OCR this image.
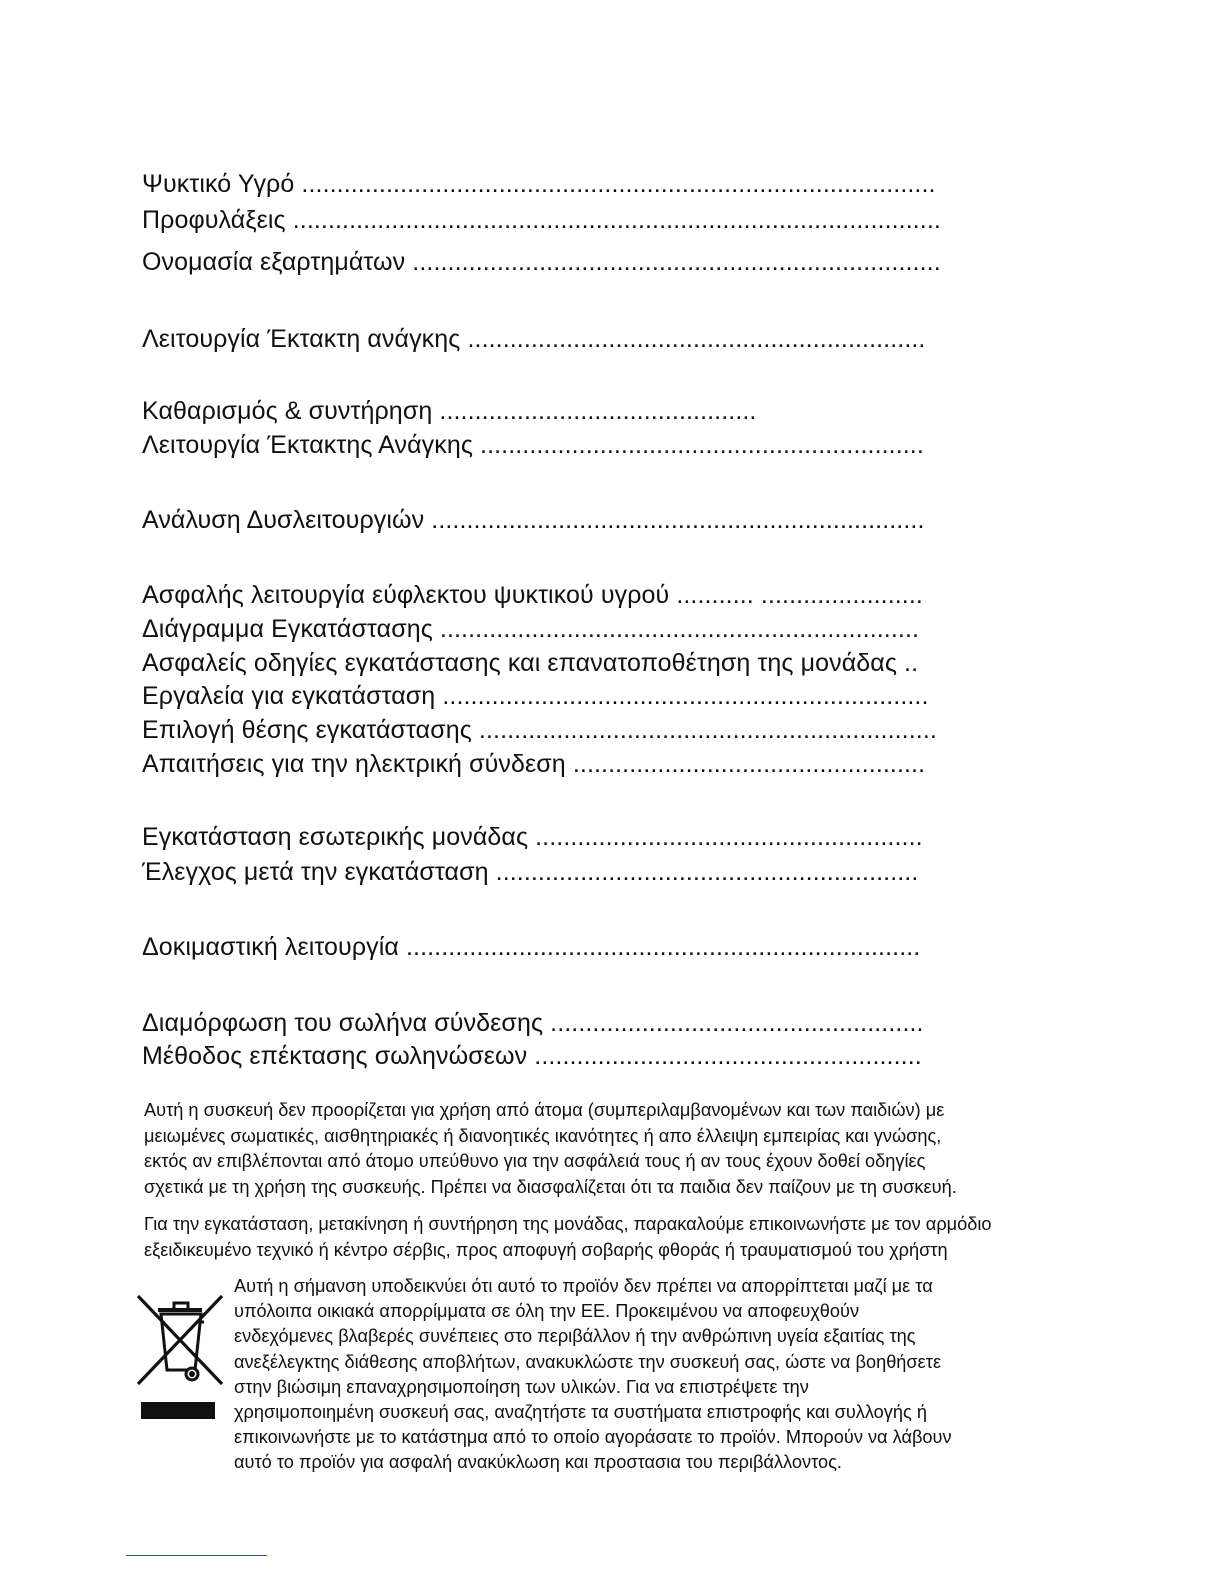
Ψυκτικό Υγρό ..........................................................................................
Προφυλάξεις ............................................................................................
Ονομασία εξαρτημάτων ...........................................................................
Λειτουργία Έκτακτη ανάγκης .................................................................
Καθαρισμός & συντήρηση .............................................
Λειτουργία Έκτακτης Ανάγκης ...............................................................
Ανάλυση Δυσλειτουργιών ......................................................................
Ασφαλής λειτουργία εύφλεκτου ψυκτικού υγρού ........... .......................
Διάγραμμα Εγκατάστασης ....................................................................
Ασφαλείς οδηγίες εγκατάστασης και επανατοποθέτηση της μονάδας ..
Εργαλεία για εγκατάσταση .....................................................................
Επιλογή θέσης εγκατάστασης .................................................................
Απαιτήσεις για την ηλεκτρική σύνδεση ..................................................
Εγκατάσταση εσωτερικής μονάδας .......................................................
Έλεγχος μετά την εγκατάσταση ............................................................
Δοκιμαστική λειτουργία .........................................................................
Διαμόρφωση του σωλήνα σύνδεσης .....................................................
Μέθοδος επέκτασης σωληνώσεων .......................................................
Αυτή η συσκευή δεν προορίζεται για χρήση από άτομα (συμπεριλαμβανομένων και των παιδιών) με
μειωμένες σωματικές, αισθητηριακές ή διανοητικές ικανότητες ή απο έλλειψη εμπειρίας και γνώσης,
εκτός αν επιβλέπονται από άτομο υπεύθυνο για την ασφάλειά τους ή αν τους έχουν δοθεί οδηγίες
σχετικά με τη χρήση της συσκευής. Πρέπει να διασφαλίζεται ότι τα παιδια δεν παίζουν με τη συσκευή.
Για την εγκατάσταση, μετακίνηση ή συντήρηση της μονάδας, παρακαλούμε επικοινωνήστε με τον αρμόδιο
εξειδικευμένο τεχνικό ή κέντρο σέρβις, προς αποφυγή σοβαρής φθοράς ή τραυματισμού του χρήστη
Αυτή η σήμανση υποδεικνύει ότι αυτό το προϊόν δεν πρέπει να απορρίπτεται μαζί με τα
υπόλοιπα οικιακά απορρίμματα σε όλη την ΕΕ. Προκειμένου να αποφευχθούν
ενδεχόμενες βλαβερές συνέπειες στο περιβάλλον ή την ανθρώπινη υγεία εξαιτίας της
ανεξέλεγκτης διάθεσης αποβλήτων, ανακυκλώστε την συσκευή σας, ώστε να βοηθήσετε
στην βιώσιμη επαναχρησιμοποίηση των υλικών. Για να επιστρέψετε την
χρησιμοποιημένη συσκευή σας, αναζητήστε τα συστήματα επιστροφής και συλλογής ή
επικοινωνήστε με το κατάστημα από το οποίο αγοράσατε το προϊόν. Μπορούν να λάβουν
αυτό το προϊόν για ασφαλή ανακύκλωση και προστασια του περιβάλλοντος.
